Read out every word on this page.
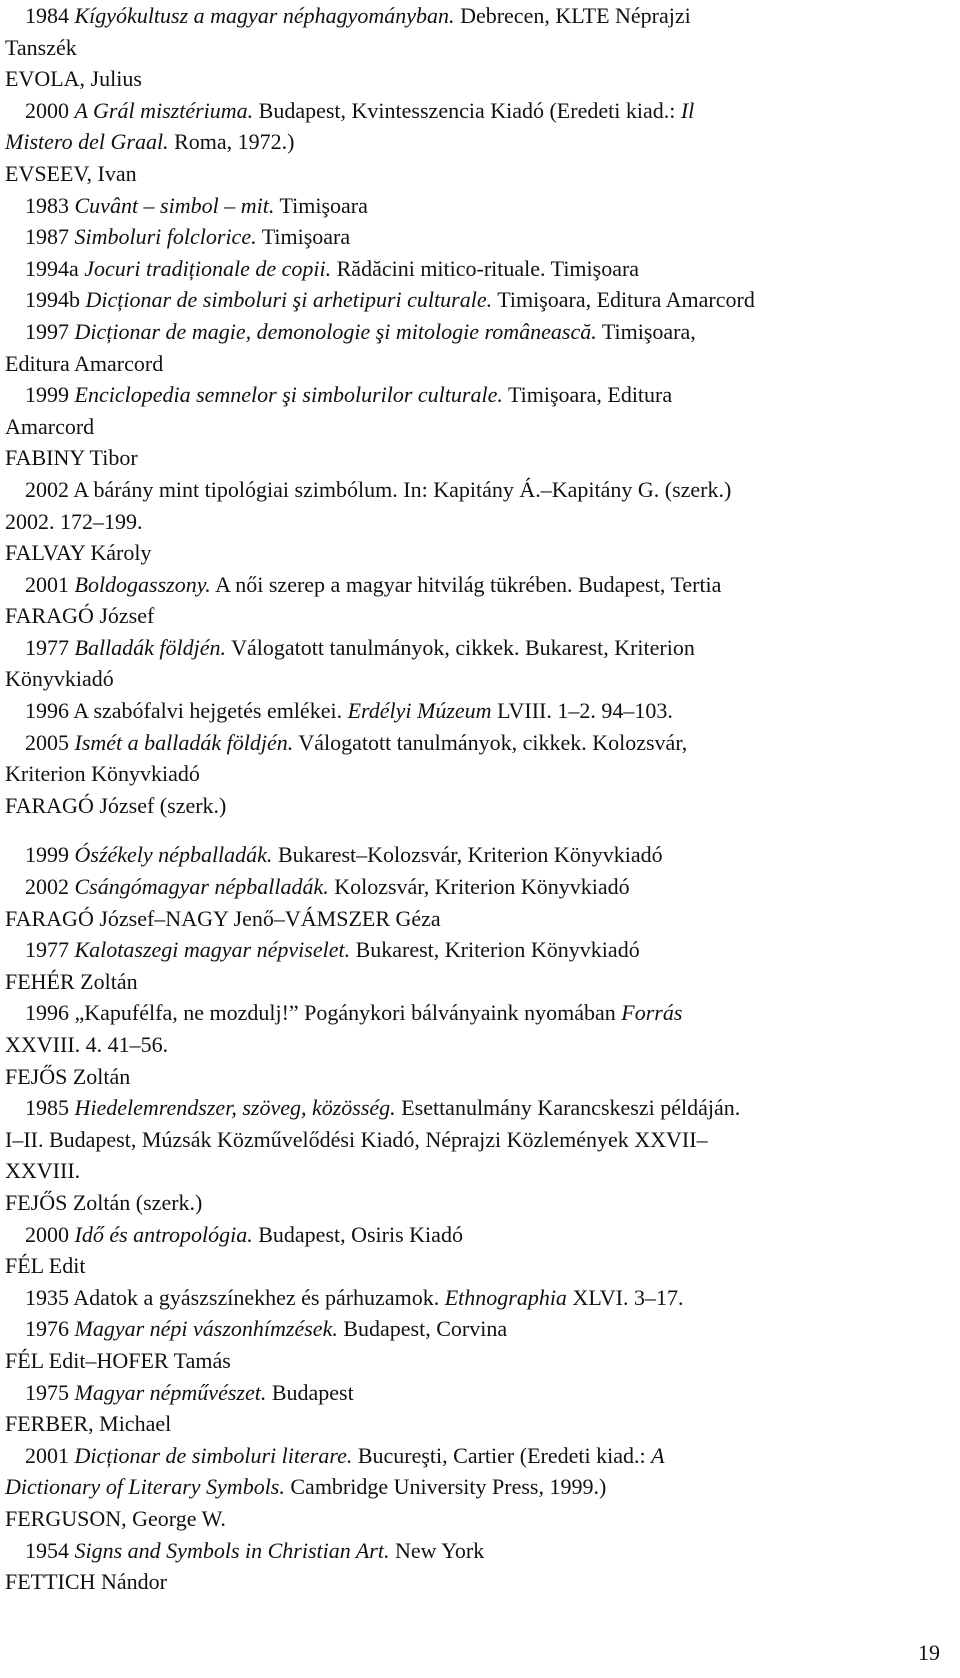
1984 Kígyókultusz a magyar néphagyományban. Debrecen, KLTE Néprajzi
Tanszék
EVOLA, Julius
2000 A Grál misztériuma. Budapest, Kvintesszencia Kiadó (Eredeti kiad.: Il
Mistero del Graal. Roma, 1972.)
EVSEEV, Ivan
1983 Cuvânt – simbol – mit. Timişoara
1987 Simboluri folclorice. Timişoara
1994a Jocuri tradiționale de copii. Rădăcini mitico-rituale. Timişoara
1994b Dicționar de simboluri şi arhetipuri culturale. Timişoara, Editura Amarcord
1997 Dicționar de magie, demonologie şi mitologie românească. Timişoara,
Editura Amarcord
1999 Enciclopedia semnelor şi simbolurilor culturale. Timişoara, Editura
Amarcord
FABINY Tibor
2002 A bárány mint tipológiai szimbólum. In: Kapitány Á.–Kapitány G. (szerk.)
2002. 172–199.
FALVAY Károly
2001 Boldogasszony. A női szerep a magyar hitvilág tükrében. Budapest, Tertia
FARAGÓ József
1977 Balladák földjén. Válogatott tanulmányok, cikkek. Bukarest, Kriterion
Könyvkiadó
1996 A szabófalvi hejgetés emlékei. Erdélyi Múzeum LVIII. 1–2. 94–103.
2005 Ismét a balladák földjén. Válogatott tanulmányok, cikkek. Kolozsvár,
Kriterion Könyvkiadó
FARAGÓ József (szerk.)
1999 Ósźékely népballadák. Bukarest–Kolozsvár, Kriterion Könyvkiadó
2002 Csángómagyar népballadák. Kolozsvár, Kriterion Könyvkiadó
FARAGÓ József–NAGY Jenő–VÁMSZER Géza
1977 Kalotaszegi magyar népviselet. Bukarest, Kriterion Könyvkiadó
FEHÉR Zoltán
1996 „Kapufélfa, ne mozdulj!” Pogánykori bálványaink nyomában Forrás
XXVIII. 4. 41–56.
FEJŐS Zoltán
1985 Hiedelemrendszer, szöveg, közösség. Esettanulmány Karancskeszi példáján.
I–II. Budapest, Múzsák Közművelődési Kiadó, Néprajzi Közlemények XXVII–
XXVIII.
FEJŐS Zoltán (szerk.)
2000 Idő és antropológia. Budapest, Osiris Kiadó
FÉL Edit
1935 Adatok a gyászszínekhez és párhuzamok. Ethnographia XLVI. 3–17.
1976 Magyar népi vászonhímzések. Budapest, Corvina
FÉL Edit–HOFER Tamás
1975 Magyar népművészet. Budapest
FERBER, Michael
2001 Dicționar de simboluri literare. Bucureşti, Cartier (Eredeti kiad.: A
Dictionary of Literary Symbols. Cambridge University Press, 1999.)
FERGUSON, George W.
1954 Signs and Symbols in Christian Art. New York
FETTICH Nándor
19
